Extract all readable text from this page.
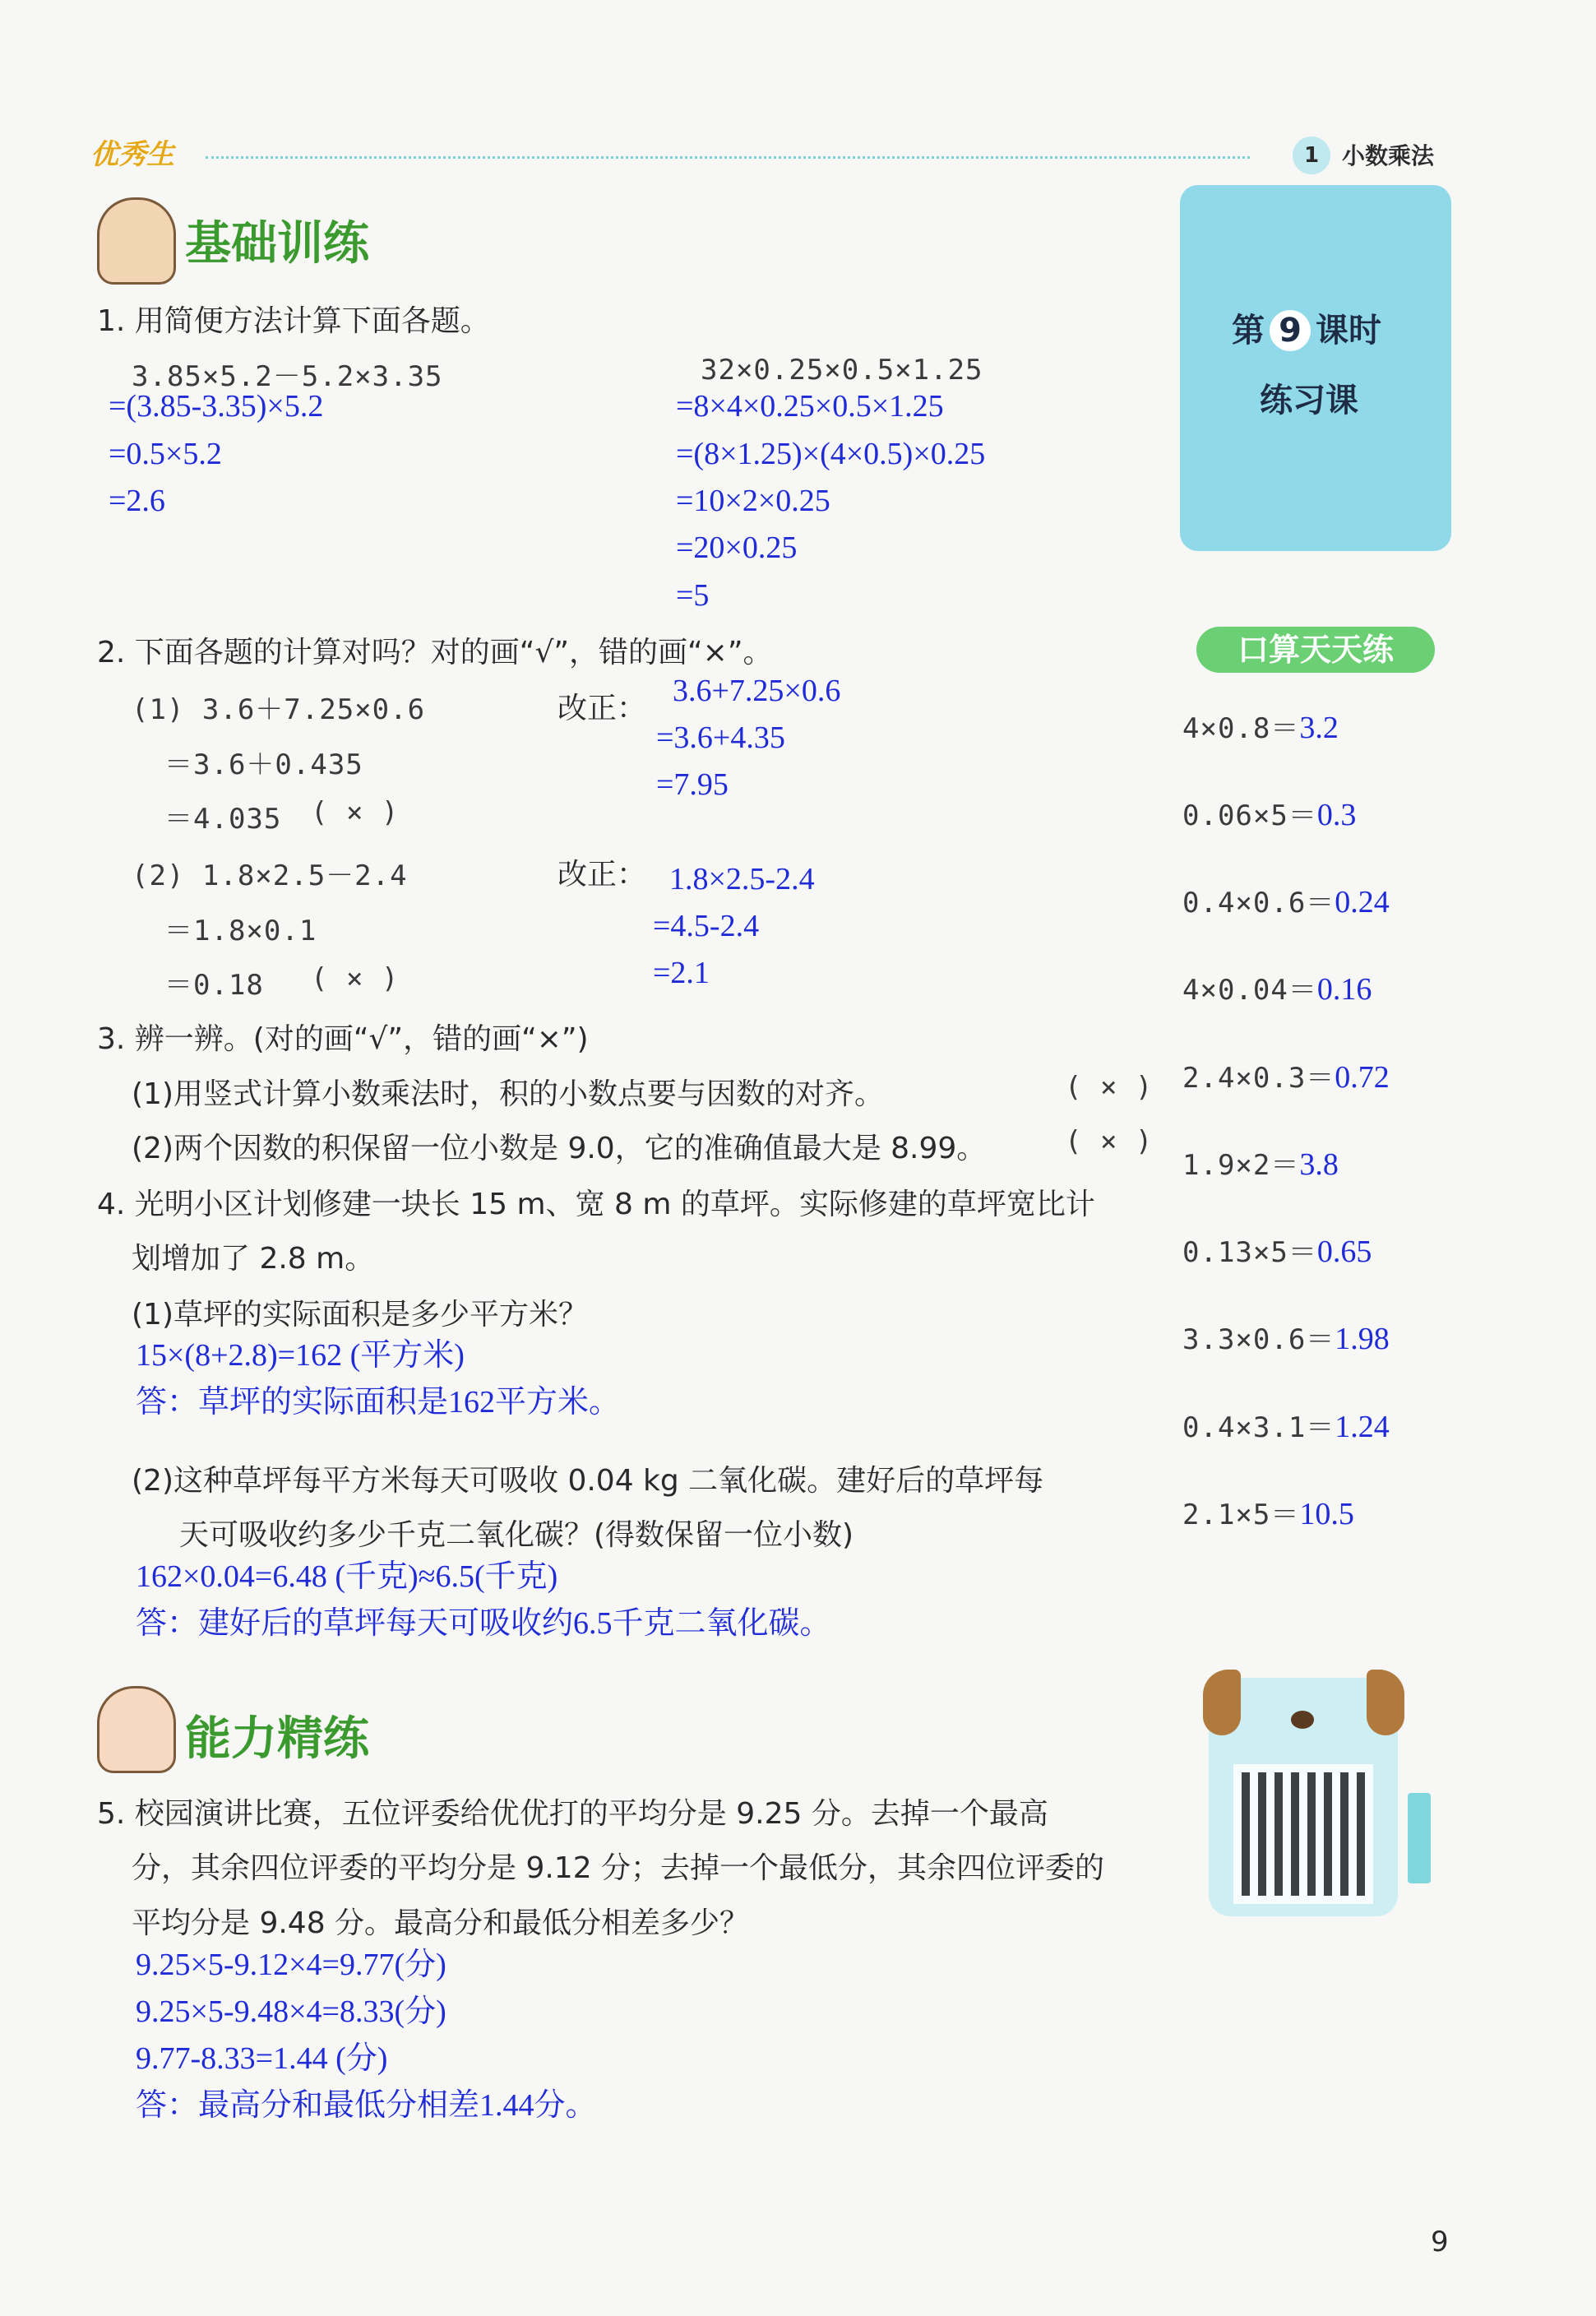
优秀生	1 小数乘法
第 9 课时
练习课
基础训练
1. 用简便方法计算下面各题。
3.85×5.2－5.2×3.35
=(3.85-3.35)×5.2
=0.5×5.2
=2.6
32×0.25×0.5×1.25
=8×4×0.25×0.5×1.25
=(8×1.25)×(4×0.5)×0.25
=10×2×0.25
=20×0.25
=5
2. 下面各题的计算对吗？对的画“√”，错的画“×”。
(1) 3.6＋7.25×0.6
＝3.6＋0.435
＝4.035 ( × )
改正：
3.6+7.25×0.6
=3.6+4.35
=7.95
(2) 1.8×2.5－2.4
＝1.8×0.1
＝0.18 ( × )
改正： 1.8×2.5-2.4
=4.5-2.4
=2.1
3. 辨一辨。(对的画“√”，错的画“×”)
(1)用竖式计算小数乘法时，积的小数点要与因数的对齐。	( × )
(2)两个因数的积保留一位小数是 9.0，它的准确值最大是 8.99。	( × )
4. 光明小区计划修建一块长 15 m、宽 8 m 的草坪。实际修建的草坪宽比计
划增加了 2.8 m。
(1)草坪的实际面积是多少平方米？
15×(8+2.8)=162 (平方米)
答：草坪的实际面积是162平方米。
(2)这种草坪每平方米每天可吸收 0.04 kg 二氧化碳。建好后的草坪每
天可吸收约多少千克二氧化碳？(得数保留一位小数)
162×0.04=6.48 (千克)≈6.5(千克)
答：建好后的草坪每天可吸收约6.5千克二氧化碳。
能力精练
5. 校园演讲比赛，五位评委给优优打的平均分是 9.25 分。去掉一个最高
分，其余四位评委的平均分是 9.12 分；去掉一个最低分，其余四位评委的
平均分是 9.48 分。最高分和最低分相差多少？
9.25×5-9.12×4=9.77(分)
9.25×5-9.48×4=8.33(分)
9.77-8.33=1.44 (分)
答：最高分和最低分相差1.44分。
口算天天练
4×0.8＝3.2
0.06×5＝0.3
0.4×0.6＝0.24
4×0.04＝0.16
2.4×0.3＝0.72
1.9×2＝3.8
0.13×5＝0.65
3.3×0.6＝1.98
0.4×3.1＝1.24
2.1×5＝10.5
9
